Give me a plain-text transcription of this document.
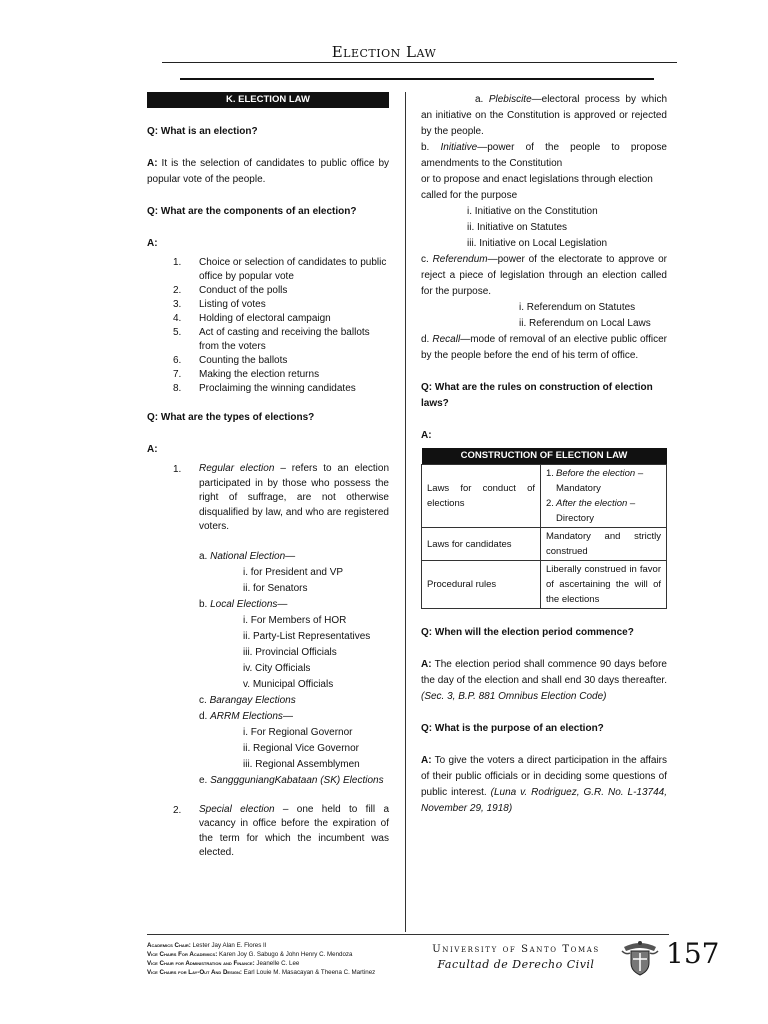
Election Law
K. ELECTION LAW

Q: What is an election?

A: It is the selection of candidates to public office by popular vote of the people.

Q: What are the components of an election?

A:

1. Choice or selection of candidates to public office by popular vote
2. Conduct of the polls
3. Listing of votes
4. Holding of electoral campaign
5. Act of casting and receiving the ballots from the voters
6. Counting the ballots
7. Making the election returns
8. Proclaiming the winning candidates

Q: What are the types of elections?

A:

1. Regular election – refers to an election participated in by those who possess the right of suffrage, are not otherwise disqualified by law, and who are registered voters.
a. National Election—
i. for President and VP
ii. for Senators
b. Local Elections—
i. For Members of HOR
ii. Party-List Representatives
iii. Provincial Officials
iv. City Officials
v. Municipal Officials
c. Barangay Elections
d. ARRM Elections—
i. For Regional Governor
ii. Regional Vice Governor
iii. Regional Assemblymen
e. SanggguniangKabataan (SK) Elections
2. Special election – one held to fill a vacancy in office before the expiration of the term for which the incumbent was elected.

a. Plebiscite—electoral process by which an initiative on the Constitution is approved or rejected by the people.

b. Initiative—power of the people to propose amendments to the Constitution

or to propose and enact legislations through election called for the purpose

i. Initiative on the Constitution
ii. Initiative on Statutes
iii. Initiative on Local Legislation

c. Referendum—power of the electorate to approve or reject a piece of legislation through an election called for the purpose.

i. Referendum on Statutes
ii. Referendum on Local Laws

d. Recall—mode of removal of an elective public officer by the people before the end of his term of office.

Q: What are the rules on construction of election laws?

A:

CONSTRUCTION OF ELECTION LAW	
Laws for conduct of elections	1. Before the election – Mandatory
2. After the election – Directory

Laws for candidates	Mandatory and strictly construed
Procedural rules	Liberally construed in favor of ascertaining the will of the elections

Q: When will the election period commence?

A: The election period shall commence 90 days before the day of the election and shall end 30 days thereafter. (Sec. 3, B.P. 881 Omnibus Election Code)

Q: What is the purpose of an election?

A: To give the voters a direct participation in the affairs of their public officials or in deciding some questions of public interest. (Luna v. Rodriguez, G.R. No. L-13744, November 29, 1918)

Academics Chair: Lester Jay Alan E. Flores II
Vice Chairs For Academics: Karen Joy G. Sabugo & John Henry C. Mendoza
Vice Chair for Administration and Finance: Jeanelle C. Lee
Vice Chairs for Lay-Out And Design: Earl Louie M. Masacayan & Theena C. Martinez
University of Santo Tomas
Facultad de Derecho Civil	157
